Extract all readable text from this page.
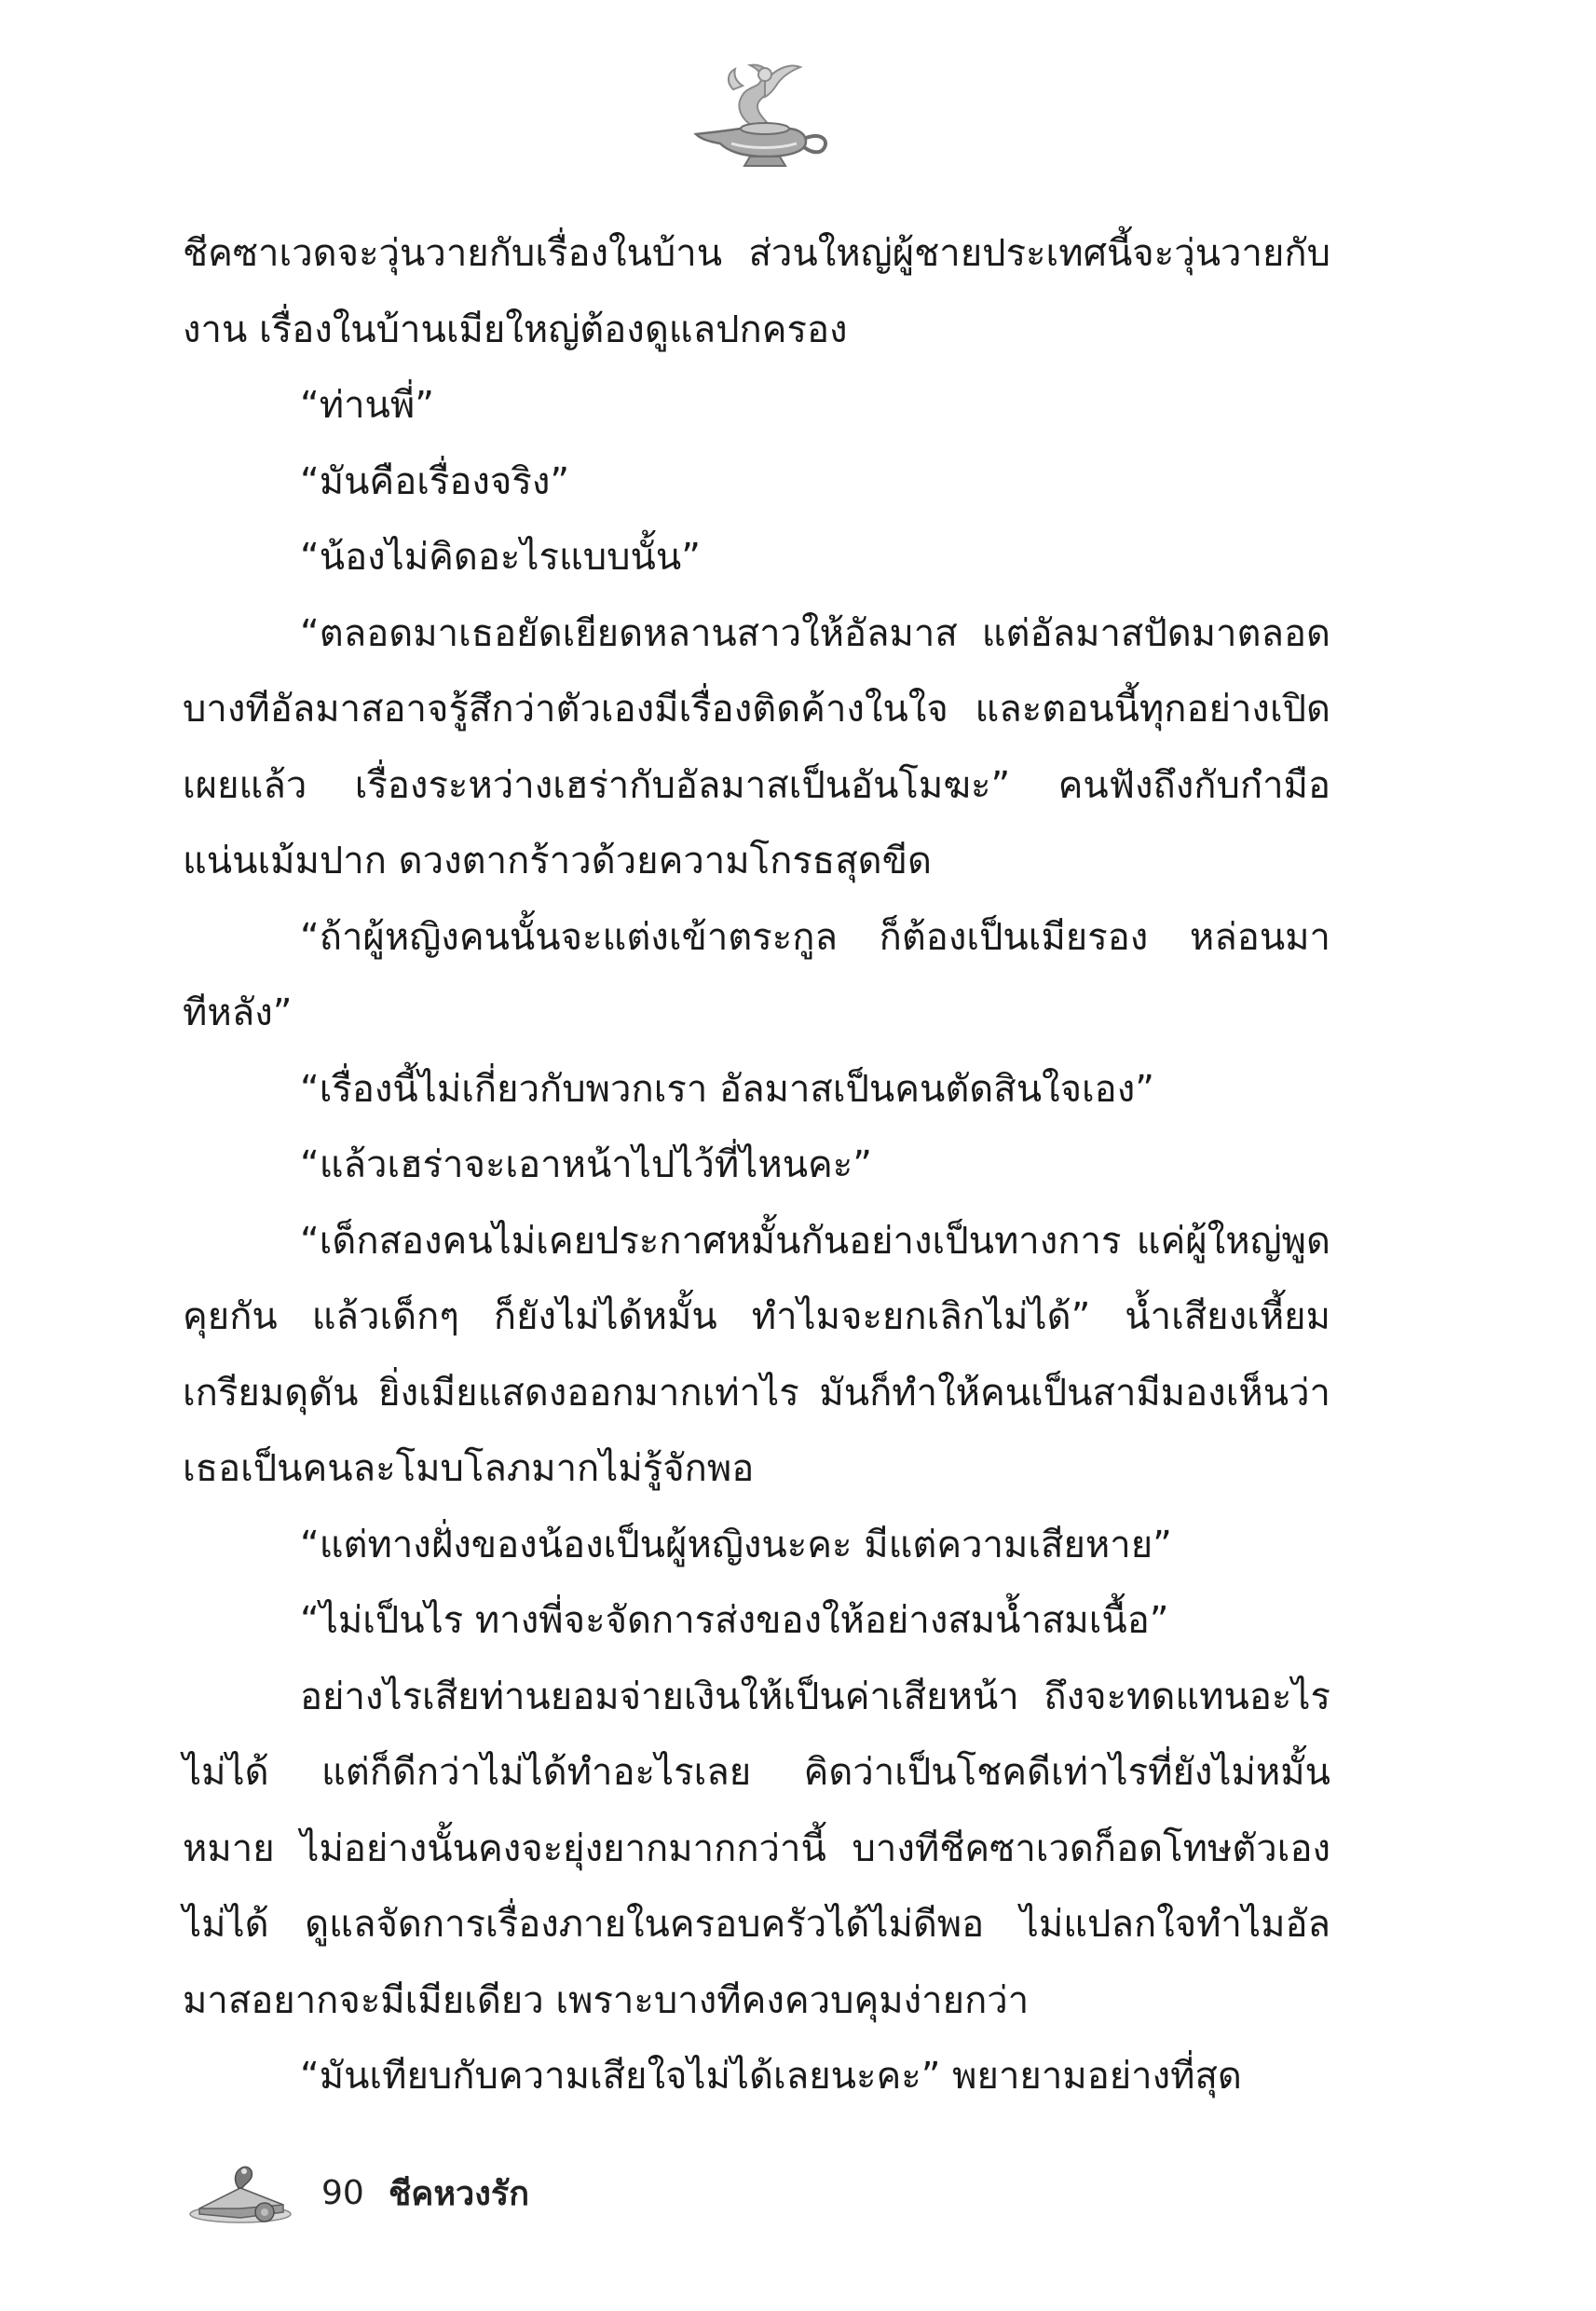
ชีคซาเวดจะวุ่นวายกับเรื่องในบ้าน ส่วนใหญ่ผู้ชายประเทศนี้จะวุ่นวายกับงาน เรื่องในบ้านเมียใหญ่ต้องดูแลปกครอง

“ท่านพี่”

“มันคือเรื่องจริง”

“น้องไม่คิดอะไรแบบนั้น”

“ตลอดมาเธอยัดเยียดหลานสาวให้อัลมาส แต่อัลมาสปัดมาตลอด บางทีอัลมาสอาจรู้สึกว่าตัวเองมีเรื่องติดค้างในใจ และตอนนี้ทุกอย่างเปิดเผยแล้ว เรื่องระหว่างเฮร่ากับอัลมาสเป็นอันโมฆะ” คนฟังถึงกับกำมือแน่นเม้มปาก ดวงตากร้าวด้วยความโกรธสุดขีด

“ถ้าผู้หญิงคนนั้นจะแต่งเข้าตระกูล ก็ต้องเป็นเมียรอง หล่อนมาทีหลัง”

“เรื่องนี้ไม่เกี่ยวกับพวกเรา อัลมาสเป็นคนตัดสินใจเอง”

“แล้วเฮร่าจะเอาหน้าไปไว้ที่ไหนคะ”

“เด็กสองคนไม่เคยประกาศหมั้นกันอย่างเป็นทางการ แค่ผู้ใหญ่พูดคุยกัน แล้วเด็กๆ ก็ยังไม่ได้หมั้น ทำไมจะยกเลิกไม่ได้” น้ำเสียงเหี้ยมเกรียมดุดัน ยิ่งเมียแสดงออกมากเท่าไร มันก็ทำให้คนเป็นสามีมองเห็นว่าเธอเป็นคนละโมบโลภมากไม่รู้จักพอ

“แต่ทางฝั่งของน้องเป็นผู้หญิงนะคะ มีแต่ความเสียหาย”

“ไม่เป็นไร ทางพี่จะจัดการส่งของให้อย่างสมน้ำสมเนื้อ”

อย่างไรเสียท่านยอมจ่ายเงินให้เป็นค่าเสียหน้า ถึงจะทดแทนอะไรไม่ได้ แต่ก็ดีกว่าไม่ได้ทำอะไรเลย คิดว่าเป็นโชคดีเท่าไรที่ยังไม่หมั้นหมาย ไม่อย่างนั้นคงจะยุ่งยากมากกว่านี้ บางทีชีคซาเวดก็อดโทษตัวเองไม่ได้ ดูแลจัดการเรื่องภายในครอบครัวได้ไม่ดีพอ ไม่แปลกใจทำไมอัลมาสอยากจะมีเมียเดียว เพราะบางทีคงควบคุมง่ายกว่า

“มันเทียบกับความเสียใจไม่ได้เลยนะคะ” พยายามอย่างที่สุด

90 ชีคหวงรัก
